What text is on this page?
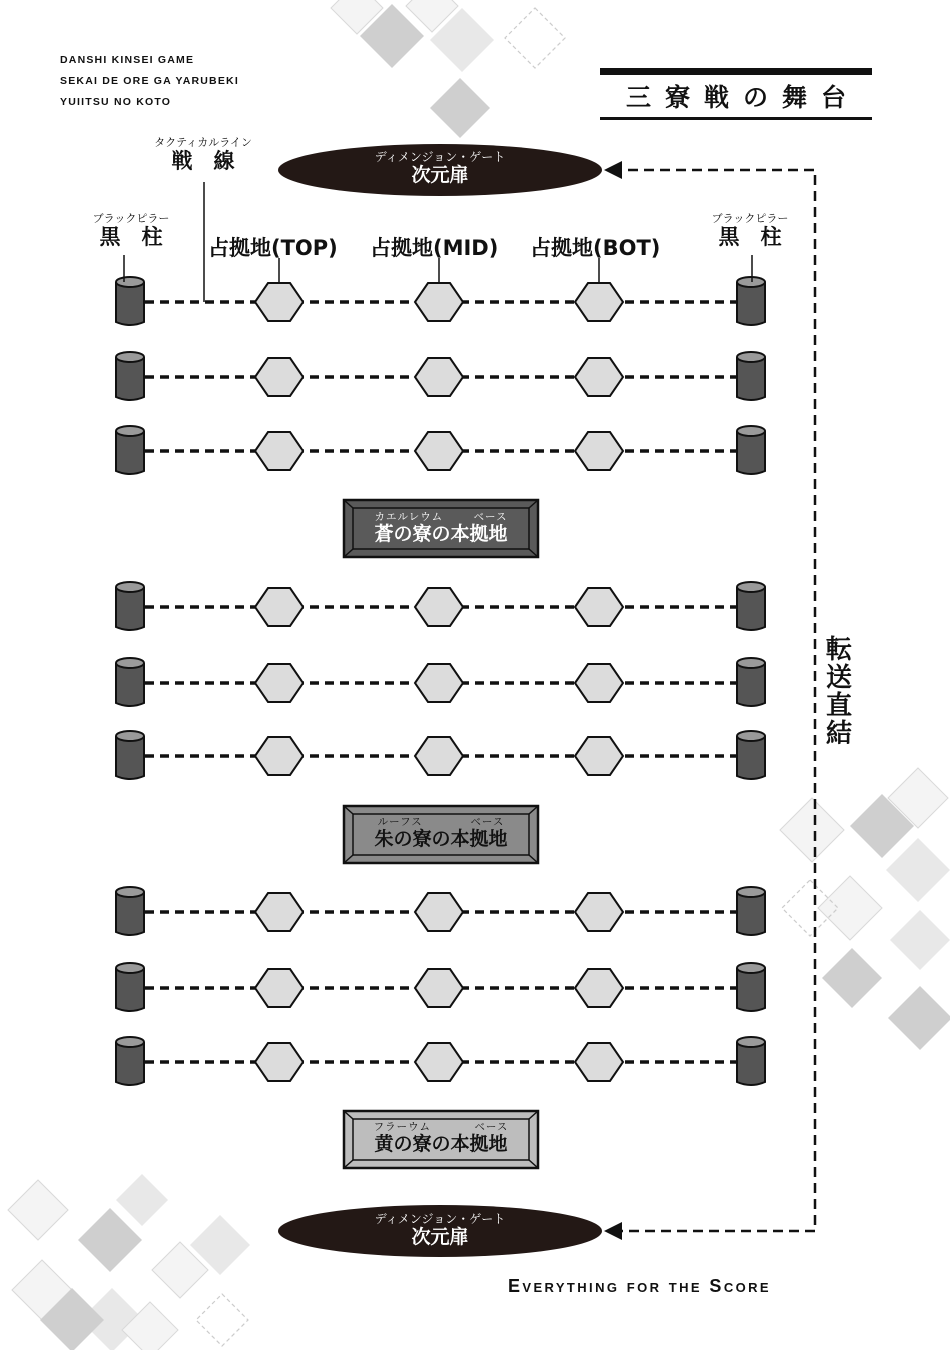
DANSHI KINSEI GAME
SEKAI DE ORE GA YARUBEKI
YUIITSU NO KOTO	三寮戦の舞台
ディメンジョン・ゲート
次元扉
タクティカルライン
戦　線
ブラックピラー
黒　柱
ブラックピラー
黒　柱
占拠地(TOP) 占拠地(MID) 占拠地(BOT)
カエルレウム	ベース
蒼の寮の本拠地
ルーフス	ベース
朱の寮の本拠地
フラーウム	ベース
黄の寮の本拠地
ディメンジョン・ゲート
次元扉
転
送
直
結
Everything for the Score
